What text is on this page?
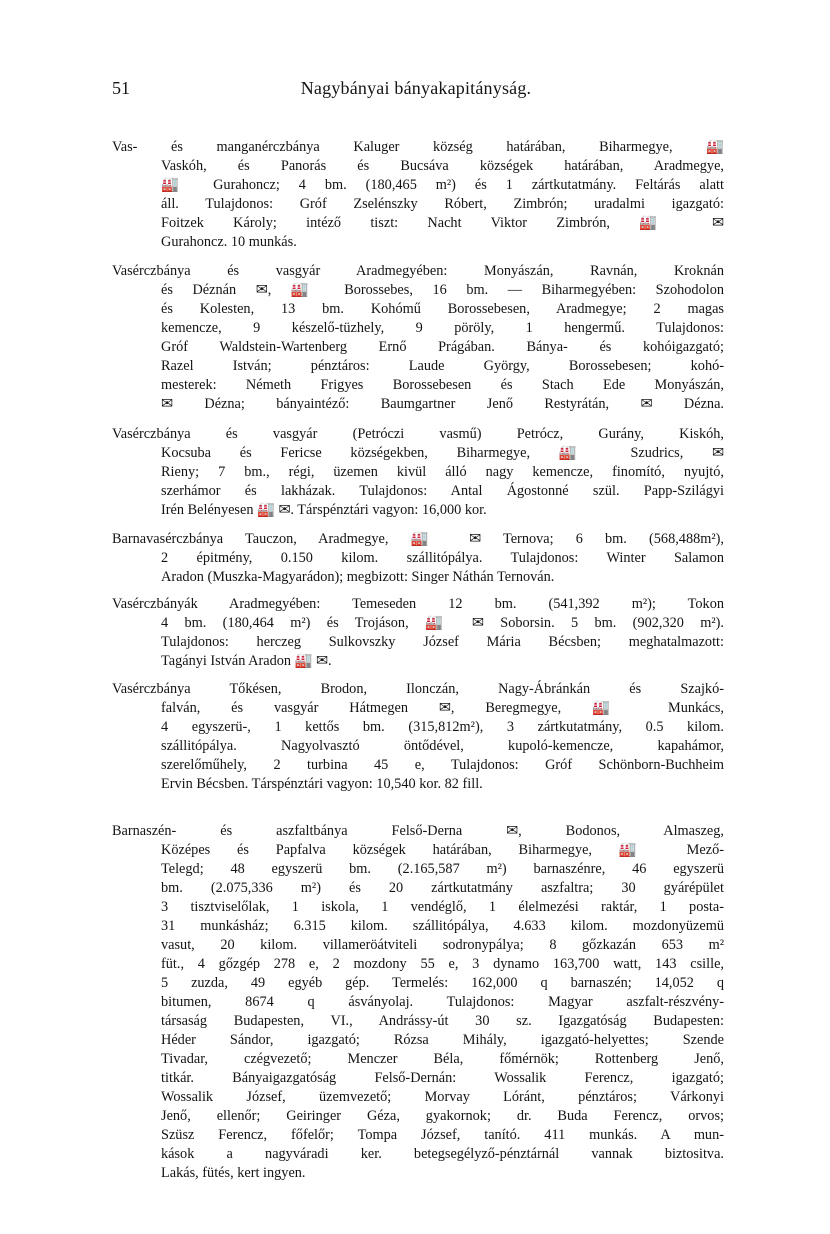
51	Nagybányai bányakapitányság.
Vas- és manganérczbánya Kaluger község határában, Biharmegye, 🏭
Vaskóh, és Panorás és Bucsáva községek határában, Aradmegye,
🏭 Gurahoncz; 4 bm. (180,465 m²) és 1 zártkutatmány. Feltárás alatt
áll. Tulajdonos: Gróf Zselénszky Róbert, Zimbrón; uradalmi igazgató:
Foitzek Károly; intéző tiszt: Nacht Viktor Zimbrón, 🏭 ✉
Gurahoncz. 10 munkás.
Vasérczbánya és vasgyár Aradmegyében: Monyászán, Ravnán, Kroknán
és Déznán ✉, 🏭 Borossebes, 16 bm. — Biharmegyében: Szohodolon
és Kolesten, 13 bm. Kohómű Borossebesen, Aradmegye; 2 magas
kemencze, 9 készelő-tüzhely, 9 pöröly, 1 hengermű. Tulajdonos:
Gróf Waldstein-Wartenberg Ernő Prágában. Bánya- és kohóigazgató;
Razel István; pénztáros: Laude György, Borossebesen; kohó-
mesterek: Németh Frigyes Borossebesen és Stach Ede Monyászán,
✉ Dézna; bányaintéző: Baumgartner Jenő Restyrátán, ✉ Dézna.
Vasérczbánya és vasgyár (Petróczi vasmű) Petrócz, Gurány, Kiskóh,
Kocsuba és Fericse községekben, Biharmegye, 🏭 Szudrics, ✉
Rieny; 7 bm., régi, üzemen kivül álló nagy kemencze, finomító, nyujtó,
szerhámor és lakházak. Tulajdonos: Antal Ágostonné szül. Papp-Szilágyi
Irén Belényesen 🏭 ✉. Társpénztári vagyon: 16,000 kor.
Barnavasérczbánya Tauczon, Aradmegye, 🏭 ✉ Ternova; 6 bm. (568,488m²),
2 épitmény, 0.150 kilom. szállitópálya. Tulajdonos: Winter Salamon
Aradon (Muszka-Magyarádon); megbizott: Singer Náthán Ternován.
Vasérczbányák Aradmegyében: Temeseden 12 bm. (541,392 m²); Tokon
4 bm. (180,464 m²) és Trojáson, 🏭 ✉ Soborsin. 5 bm. (902,320 m²).
Tulajdonos: herczeg Sulkovszky József Mária Bécsben; meghatalmazott:
Tagányi István Aradon 🏭 ✉.
Vasérczbánya Tőkésen, Brodon, Ilonczán, Nagy-Ábránkán és Szajkó-
falván, és vasgyár Hátmegen ✉, Beregmegye, 🏭 Munkács,
4 egyszerü-, 1 kettős bm. (315,812m²), 3 zártkutatmány, 0.5 kilom.
szállitópálya. Nagyolvasztó öntődével, kupoló-kemencze, kapahámor,
szerelőműhely, 2 turbina 45 e, Tulajdonos: Gróf Schönborn-Buchheim
Ervin Bécsben. Társpénztári vagyon: 10,540 kor. 82 fill.
Barnaszén- és aszfaltbánya Felső-Derna ✉, Bodonos, Almaszeg,
Középes és Papfalva községek határában, Biharmegye, 🏭 Mező-
Telegd; 48 egyszerü bm. (2.165,587 m²) barnaszénre, 46 egyszerü
bm. (2.075,336 m²) és 20 zártkutatmány aszfaltra; 30 gyárépület
3 tisztviselőlak, 1 iskola, 1 vendéglő, 1 élelmezési raktár, 1 posta-
31 munkásház; 6.315 kilom. szállitópálya, 4.633 kilom. mozdonyüzemü
vasut, 20 kilom. villameröátviteli sodronypálya; 8 gőzkazán 653 m²
füt., 4 gőzgép 278 e, 2 mozdony 55 e, 3 dynamo 163,700 watt, 143 csille,
5 zuzda, 49 egyéb gép. Termelés: 162,000 q barnaszén; 14,052 q
bitumen, 8674 q ásványolaj. Tulajdonos: Magyar aszfalt-részvény-
társaság Budapesten, VI., Andrássy-út 30 sz. Igazgatóság Budapesten:
Héder Sándor, igazgató; Rózsa Mihály, igazgató-helyettes; Szende
Tivadar, czégvezető; Menczer Béla, főmérnök; Rottenberg Jenő,
titkár. Bányaigazgatóság Felső-Dernán: Wossalik Ferencz, igazgató;
Wossalik József, üzemvezető; Morvay Lóránt, pénztáros; Várkonyi
Jenő, ellenőr; Geiringer Géza, gyakornok; dr. Buda Ferencz, orvos;
Szüsz Ferencz, főfelőr; Tompa József, tanító. 411 munkás. A mun-
kások a nagyváradi ker. betegsegélyző-pénztárnál vannak biztositva.
Lakás, fütés, kert ingyen.
